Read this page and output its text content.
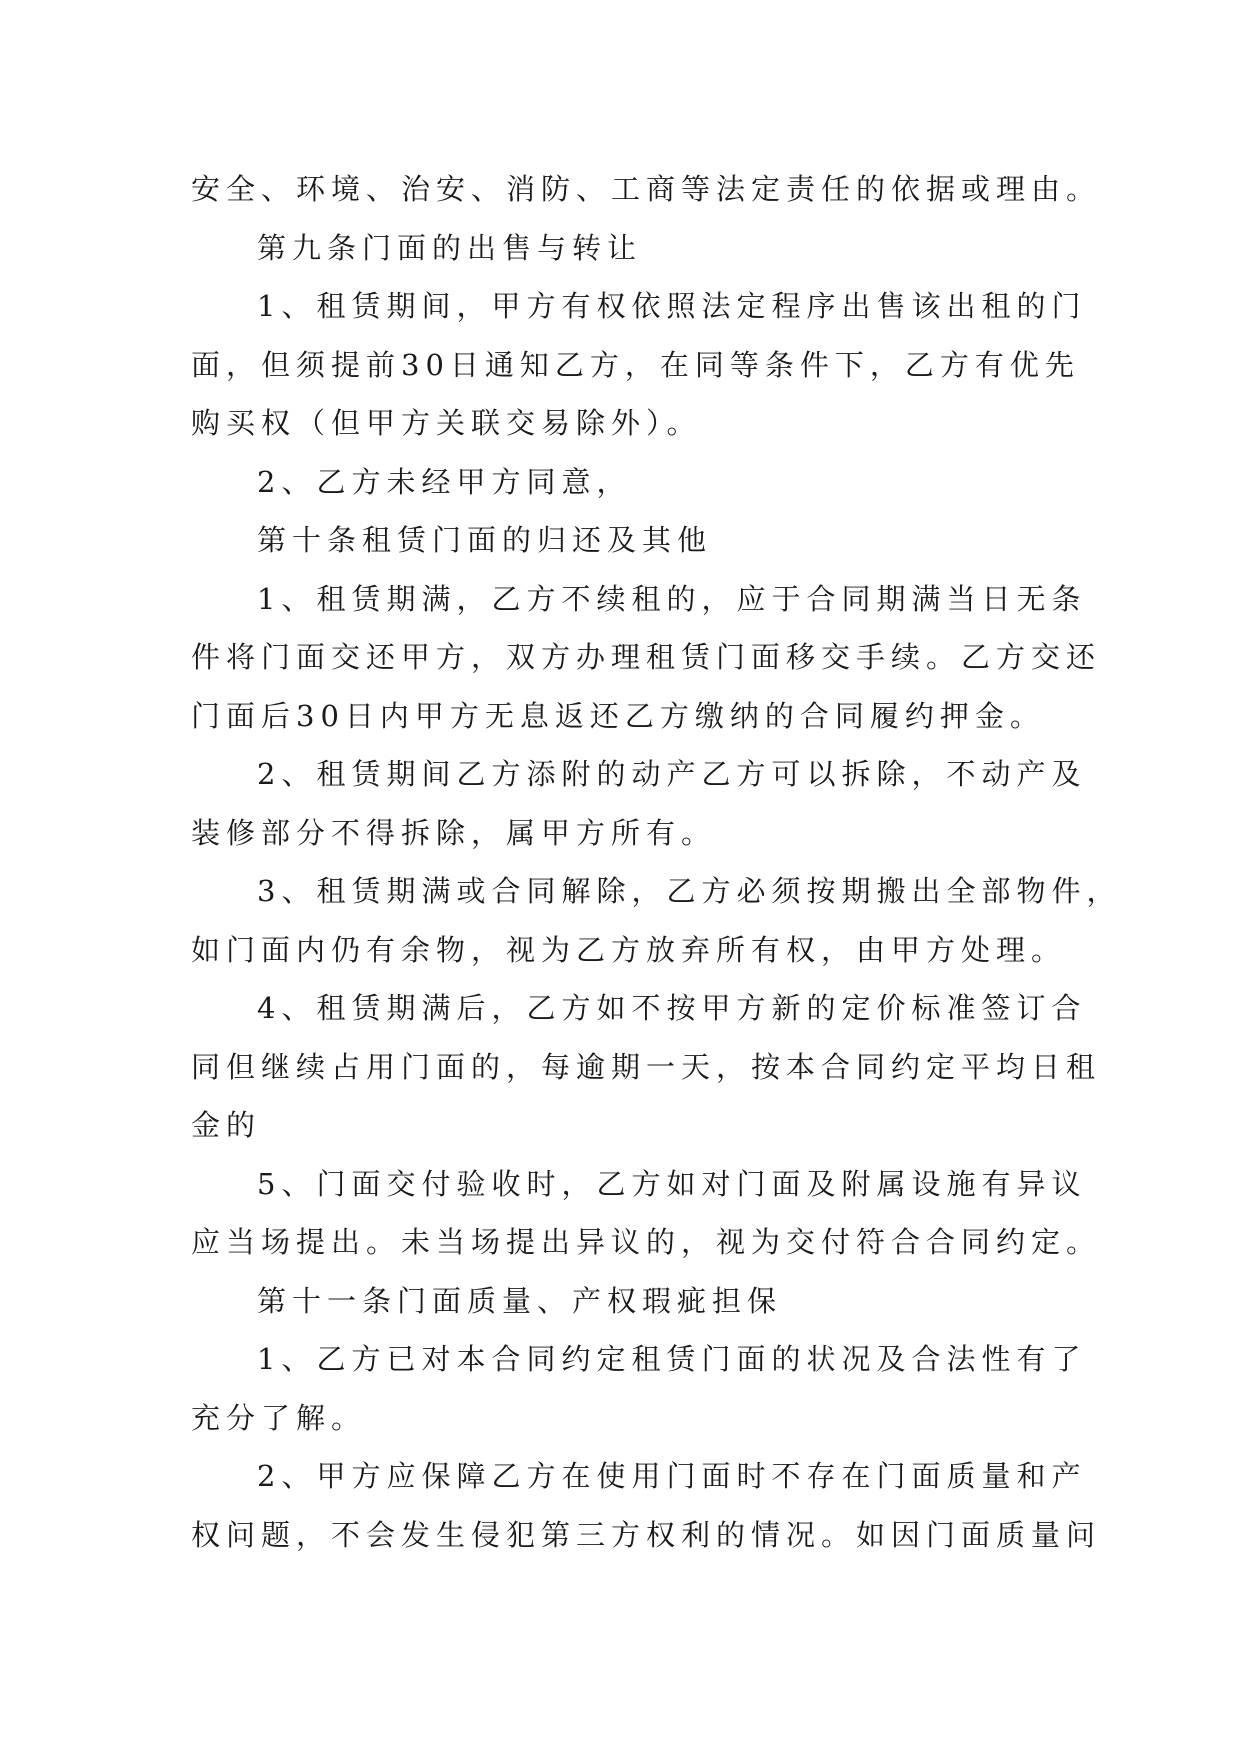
安全、环境、治安、消防、工商等法定责任的依据或理由。
第九条门面的出售与转让
1、租赁期间，甲方有权依照法定程序出售该出租的门
面，但须提前30日通知乙方，在同等条件下，乙方有优先
购买权（但甲方关联交易除外）。
2、乙方未经甲方同意，
第十条租赁门面的归还及其他
1、租赁期满，乙方不续租的，应于合同期满当日无条
件将门面交还甲方，双方办理租赁门面移交手续。乙方交还
门面后30日内甲方无息返还乙方缴纳的合同履约押金。
2、租赁期间乙方添附的动产乙方可以拆除，不动产及
装修部分不得拆除，属甲方所有。
3、租赁期满或合同解除，乙方必须按期搬出全部物件，
如门面内仍有余物，视为乙方放弃所有权，由甲方处理。
4、租赁期满后，乙方如不按甲方新的定价标准签订合
同但继续占用门面的，每逾期一天，按本合同约定平均日租
金的
5、门面交付验收时，乙方如对门面及附属设施有异议
应当场提出。未当场提出异议的，视为交付符合合同约定。
第十一条门面质量、产权瑕疵担保
1、乙方已对本合同约定租赁门面的状况及合法性有了
充分了解。
2、甲方应保障乙方在使用门面时不存在门面质量和产
权问题，不会发生侵犯第三方权利的情况。如因门面质量问
